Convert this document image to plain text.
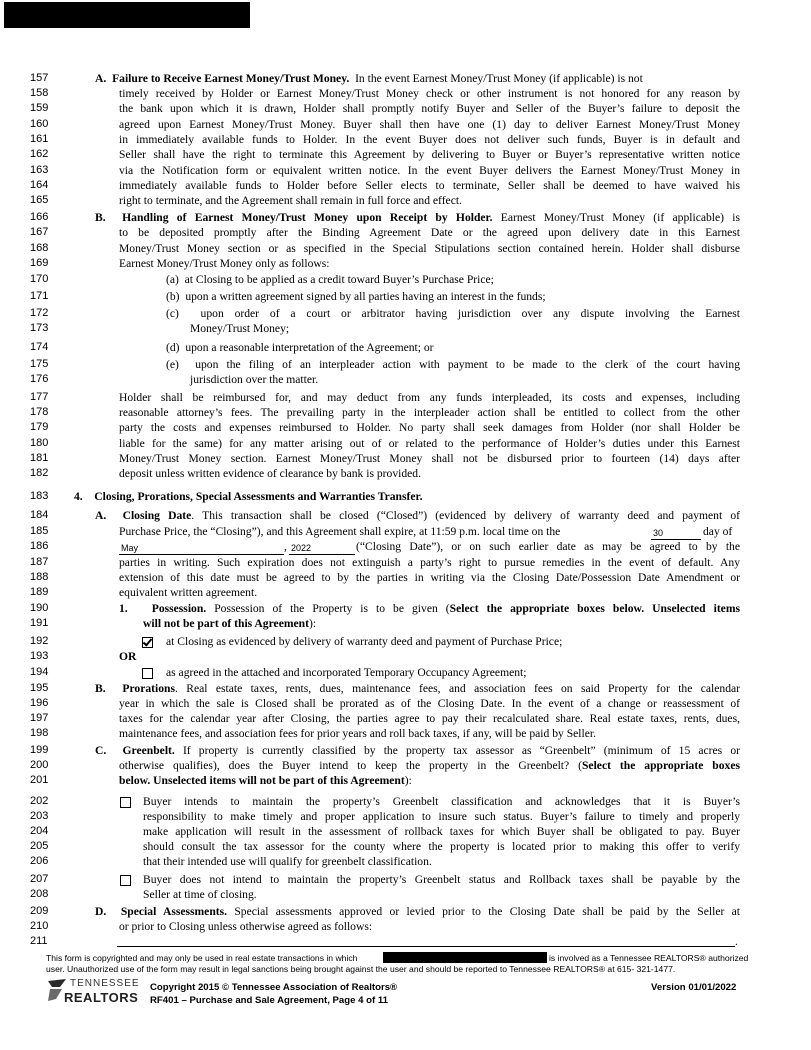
157	A.  Failure to Receive Earnest Money/Trust Money.  In the event Earnest Money/Trust Money (if applicable) is not
158	timely received by Holder or Earnest Money/Trust Money check or other instrument is not honored for any reason by
159	the bank upon which it is drawn, Holder shall promptly notify Buyer and Seller of the Buyer’s failure to deposit the
160	agreed upon Earnest Money/Trust Money. Buyer shall then have one (1) day to deliver Earnest Money/Trust Money
161	in immediately available funds to Holder. In the event Buyer does not deliver such funds, Buyer is in default and
162	Seller shall have the right to terminate this Agreement by delivering to Buyer or Buyer’s representative written notice
163	via the Notification form or equivalent written notice. In the event Buyer delivers the Earnest Money/Trust Money in
164	immediately available funds to Holder before Seller elects to terminate, Seller shall be deemed to have waived his
165	right to terminate, and the Agreement shall remain in full force and effect.
166	B.  Handling of Earnest Money/Trust Money upon Receipt by Holder. Earnest Money/Trust Money (if applicable) is
167	to be deposited promptly after the Binding Agreement Date or the agreed upon delivery date in this Earnest
168	Money/Trust Money section or as specified in the Special Stipulations section contained herein. Holder shall disburse
169	Earnest Money/Trust Money only as follows:
170	(a)  at Closing to be applied as a credit toward Buyer’s Purchase Price;
171	(b)  upon a written agreement signed by all parties having an interest in the funds;
172	(c)  upon order of a court or arbitrator having jurisdiction over any dispute involving the Earnest
173	Money/Trust Money;
174	(d)  upon a reasonable interpretation of the Agreement; or
175	(e)  upon the filing of an interpleader action with payment to be made to the clerk of the court having
176	jurisdiction over the matter.
177	Holder shall be reimbursed for, and may deduct from any funds interpleaded, its costs and expenses, including
178	reasonable attorney’s fees. The prevailing party in the interpleader action shall be entitled to collect from the other
179	party the costs and expenses reimbursed to Holder. No party shall seek damages from Holder (nor shall Holder be
180	liable for the same) for any matter arising out of or related to the performance of Holder’s duties under this Earnest
181	Money/Trust Money section. Earnest Money/Trust Money shall not be disbursed prior to fourteen (14) days after
182	deposit unless written evidence of clearance by bank is provided.
183	4.    Closing, Prorations, Special Assessments and Warranties Transfer.
184	A.  Closing Date. This transaction shall be closed (“Closed”) (evidenced by delivery of warranty deed and payment of
185	Purchase Price, the “Closing”), and this Agreement shall expire, at 11:59 p.m. local time on the
186	(“Closing Date”), or on such earlier date as may be agreed to by the
187	parties in writing. Such expiration does not extinguish a party’s right to pursue remedies in the event of default. Any
188	extension of this date must be agreed to by the parties in writing via the Closing Date/Possession Date Amendment or
189	equivalent written agreement.
190	1.   Possession. Possession of the Property is to be given (Select the appropriate boxes below. Unselected items
191	will not be part of this Agreement):
192	at Closing as evidenced by delivery of warranty deed and payment of Purchase Price;
193	OR
194	as agreed in the attached and incorporated Temporary Occupancy Agreement;
195	B.  Prorations. Real estate taxes, rents, dues, maintenance fees, and association fees on said Property for the calendar
196	year in which the sale is Closed shall be prorated as of the Closing Date. In the event of a change or reassessment of
197	taxes for the calendar year after Closing, the parties agree to pay their recalculated share. Real estate taxes, rents, dues,
198	maintenance fees, and association fees for prior years and roll back taxes, if any, will be paid by Seller.
199	C.  Greenbelt. If property is currently classified by the property tax assessor as “Greenbelt” (minimum of 15 acres or
200	otherwise qualifies), does the Buyer intend to keep the property in the Greenbelt? (Select the appropriate boxes
201	below. Unselected items will not be part of this Agreement):
202	Buyer intends to maintain the property’s Greenbelt classification and acknowledges that it is Buyer’s
203	responsibility to make timely and proper application to insure such status. Buyer’s failure to timely and properly
204	make application will result in the assessment of rollback taxes for which Buyer shall be obligated to pay. Buyer
205	should consult the tax assessor for the county where the property is located prior to making this offer to verify
206	that their intended use will qualify for greenbelt classification.
207	Buyer does not intend to maintain the property’s Greenbelt status and Rollback taxes shall be payable by the
208	Seller at time of closing.
209	D.  Special Assessments. Special assessments approved or levied prior to the Closing Date shall be paid by the Seller at
210	or prior to Closing unless otherwise agreed as follows:
211
30	day of
May	, 2022
.
This form is copyrighted and may only be used in real estate transactions in which	is involved as a Tennessee REALTORS® authorized
user. Unauthorized use of the form may result in legal sanctions being brought against the user and should be reported to Tennessee REALTORS® at 615- 321-1477.
TENNESSEE
REALTORS
Copyright 2015 © Tennessee Association of Realtors®
RF401 – Purchase and Sale Agreement, Page 4 of 11
Version 01/01/2022
